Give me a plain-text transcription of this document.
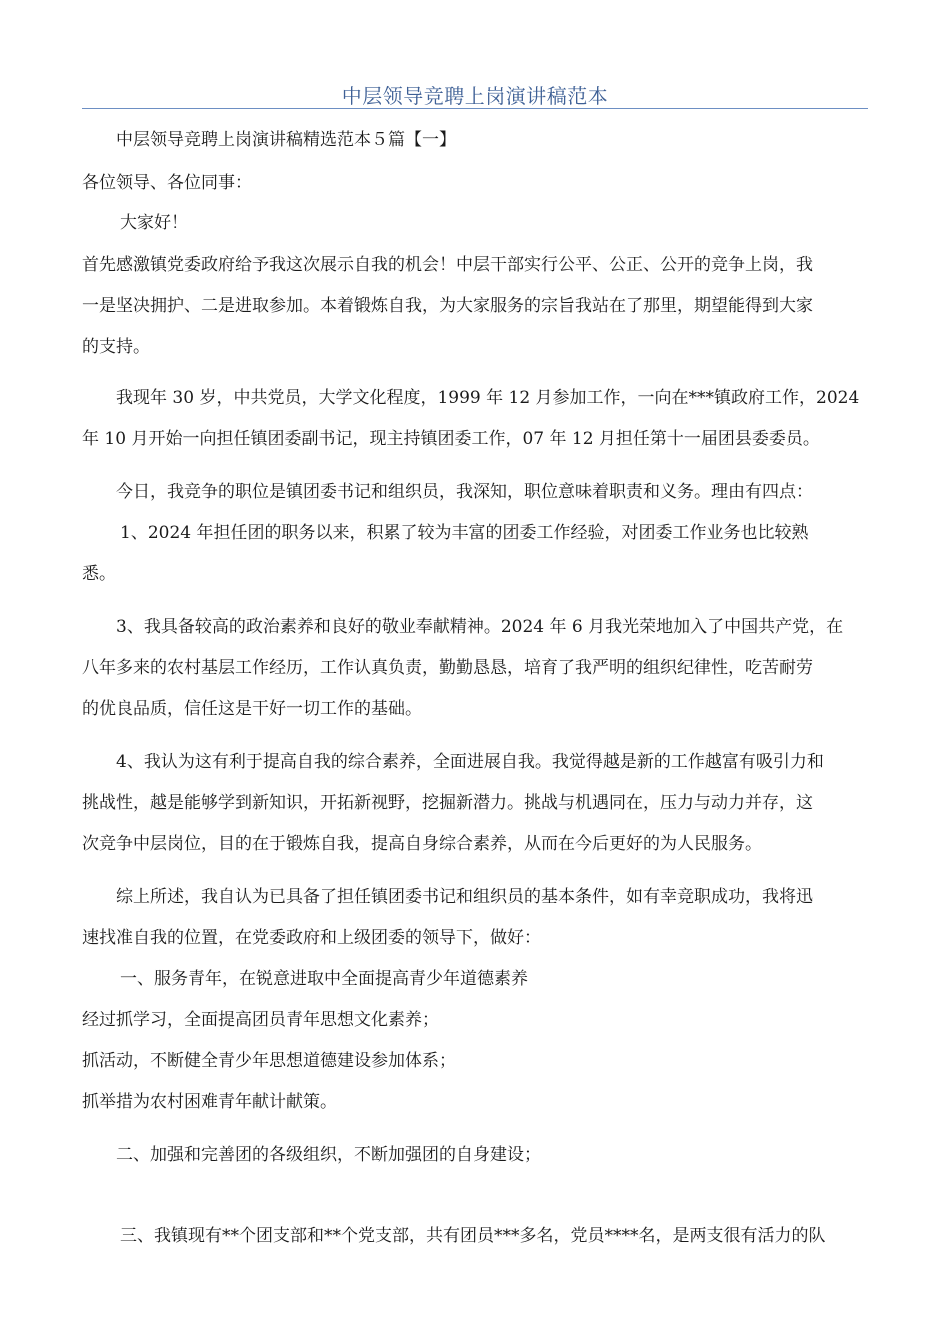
中层领导竞聘上岗演讲稿范本
中层领导竞聘上岗演讲稿精选范本５篇【一】
各位领导、各位同事：
大家好！
首先感激镇党委政府给予我这次展示自我的机会！中层干部实行公平、公正、公开的竞争上岗，我
一是坚决拥护、二是进取参加。本着锻炼自我，为大家服务的宗旨我站在了那里，期望能得到大家
的支持。
我现年 30 岁，中共党员，大学文化程度，1999 年 12 月参加工作，一向在***镇政府工作，2024
年 10 月开始一向担任镇团委副书记，现主持镇团委工作，07 年 12 月担任第十一届团县委委员。
今日，我竞争的职位是镇团委书记和组织员，我深知，职位意味着职责和义务。理由有四点：
1、2024 年担任团的职务以来，积累了较为丰富的团委工作经验，对团委工作业务也比较熟
悉。
3、我具备较高的政治素养和良好的敬业奉献精神。2024 年 6 月我光荣地加入了中国共产党，在
八年多来的农村基层工作经历，工作认真负责，勤勤恳恳，培育了我严明的组织纪律性，吃苦耐劳
的优良品质，信任这是干好一切工作的基础。
4、我认为这有利于提高自我的综合素养，全面进展自我。我觉得越是新的工作越富有吸引力和
挑战性，越是能够学到新知识，开拓新视野，挖掘新潜力。挑战与机遇同在，压力与动力并存，这
次竞争中层岗位，目的在于锻炼自我，提高自身综合素养，从而在今后更好的为人民服务。
综上所述，我自认为已具备了担任镇团委书记和组织员的基本条件，如有幸竞职成功，我将迅
速找准自我的位置，在党委政府和上级团委的领导下，做好：
一、服务青年，在锐意进取中全面提高青少年道德素养
经过抓学习，全面提高团员青年思想文化素养；
抓活动，不断健全青少年思想道德建设参加体系；
抓举措为农村困难青年献计献策。
二、加强和完善团的各级组织，不断加强团的自身建设；
三、我镇现有**个团支部和**个党支部，共有团员***多名，党员****名，是两支很有活力的队
